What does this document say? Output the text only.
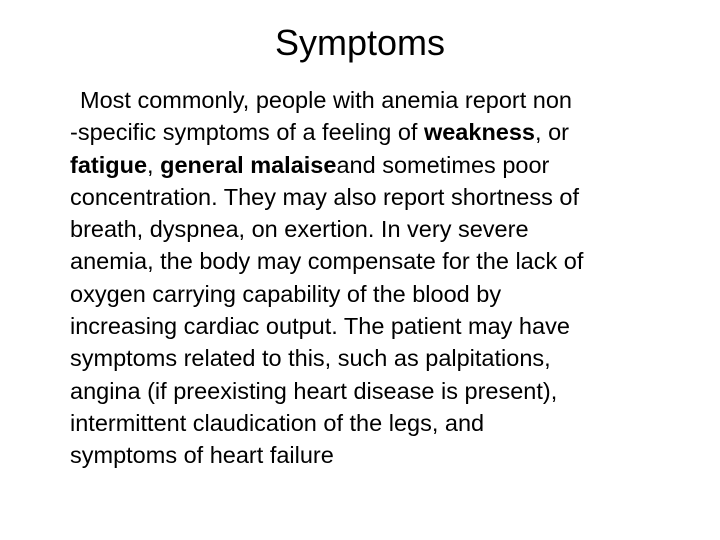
Symptoms
Most commonly, people with anemia report non
-specific symptoms of a feeling of weakness, or
fatigue, general malaiseand sometimes poor
concentration. They may also report shortness of
breath, dyspnea, on exertion. In very severe
anemia, the body may compensate for the lack of
oxygen carrying capability of the blood by
increasing cardiac output. The patient may have
symptoms related to this, such as palpitations,
angina (if preexisting heart disease is present),
intermittent claudication of the legs, and
symptoms of heart failure
